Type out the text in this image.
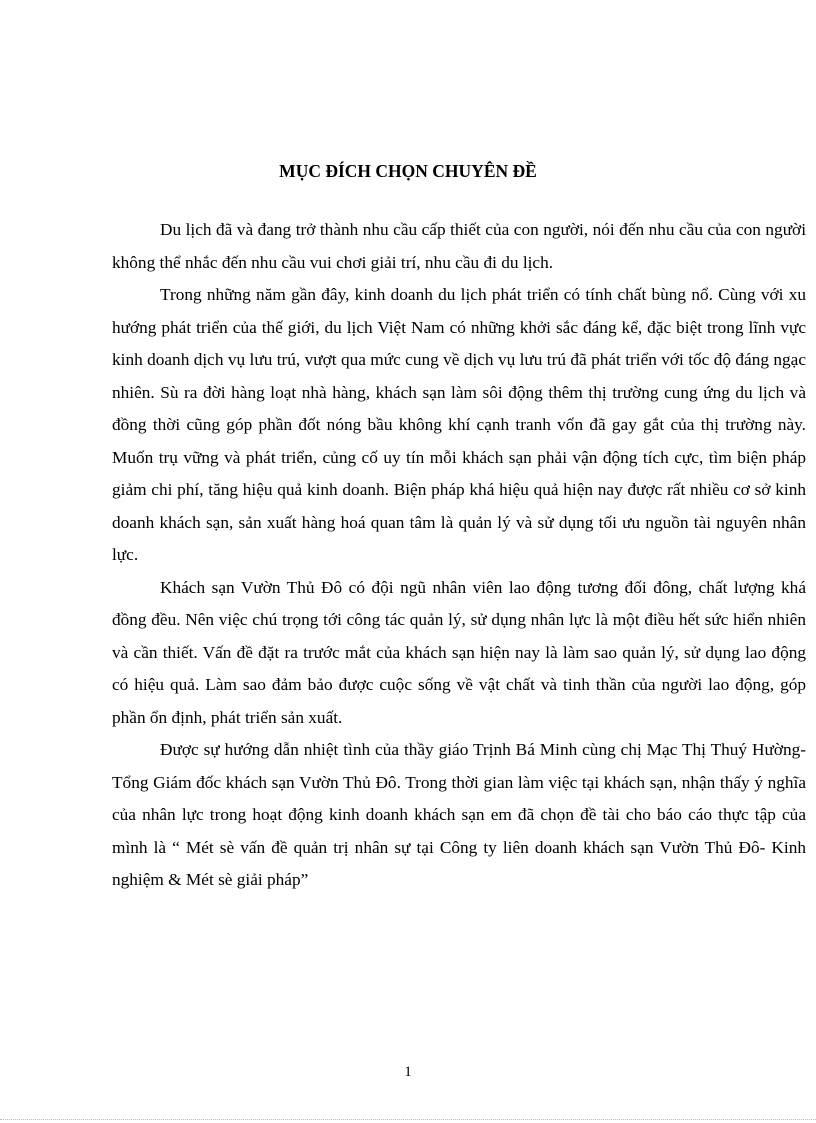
MỤC ĐÍCH CHỌN CHUYÊN ĐỀ

Du lịch đã và đang trở thành nhu cầu cấp thiết của con người, nói đến nhu cầu của con người không thể nhắc đến nhu cầu vui chơi giải trí, nhu cầu đi du lịch.

Trong những năm gần đây, kinh doanh du lịch phát triển có tính chất bùng nổ. Cùng với xu hướng phát triển của thế giới, du lịch Việt Nam có những khởi sắc đáng kể, đặc biệt trong lĩnh vực kinh doanh dịch vụ lưu trú, vượt qua mức cung về dịch vụ lưu trú đã phát triển với tốc độ đáng ngạc nhiên. Sù ra đời hàng loạt nhà hàng, khách sạn làm sôi động thêm thị trường cung ứng du lịch và đồng thời cũng góp phần đốt nóng bầu không khí cạnh tranh vốn đã gay gắt của thị trường này. Muốn trụ vững và phát triển, củng cố uy tín mỗi khách sạn phải vận động tích cực, tìm biện pháp giảm chi phí, tăng hiệu quả kinh doanh. Biện pháp khá hiệu quả hiện nay được rất nhiều cơ sở kinh doanh khách sạn, sản xuất hàng hoá quan tâm là quản lý và sử dụng tối ưu nguồn tài nguyên nhân lực.

Khách sạn Vườn Thủ Đô có đội ngũ nhân viên lao động tương đối đông, chất lượng khá đồng đều. Nên việc chú trọng tới công tác quản lý, sử dụng nhân lực là một điều hết sức hiển nhiên và cần thiết. Vấn đề đặt ra trước mắt của khách sạn hiện nay là làm sao quản lý, sử dụng lao động có hiệu quả. Làm sao đảm bảo được cuộc sống về vật chất và tinh thần của người lao động, góp phần ổn định, phát triển sản xuất.

Được sự hướng dẫn nhiệt tình của thầy giáo Trịnh Bá Minh cùng chị Mạc Thị Thuý Hường- Tổng Giám đốc khách sạn Vườn Thủ Đô. Trong thời gian làm việc tại khách sạn, nhận thấy ý nghĩa của nhân lực trong hoạt động kinh doanh khách sạn em đã chọn đề tài cho báo cáo thực tập của mình là “ Mét sè vấn đề quản trị nhân sự tại Công ty liên doanh khách sạn Vườn Thủ Đô- Kinh nghiệm & Mét sè giải pháp”

1
